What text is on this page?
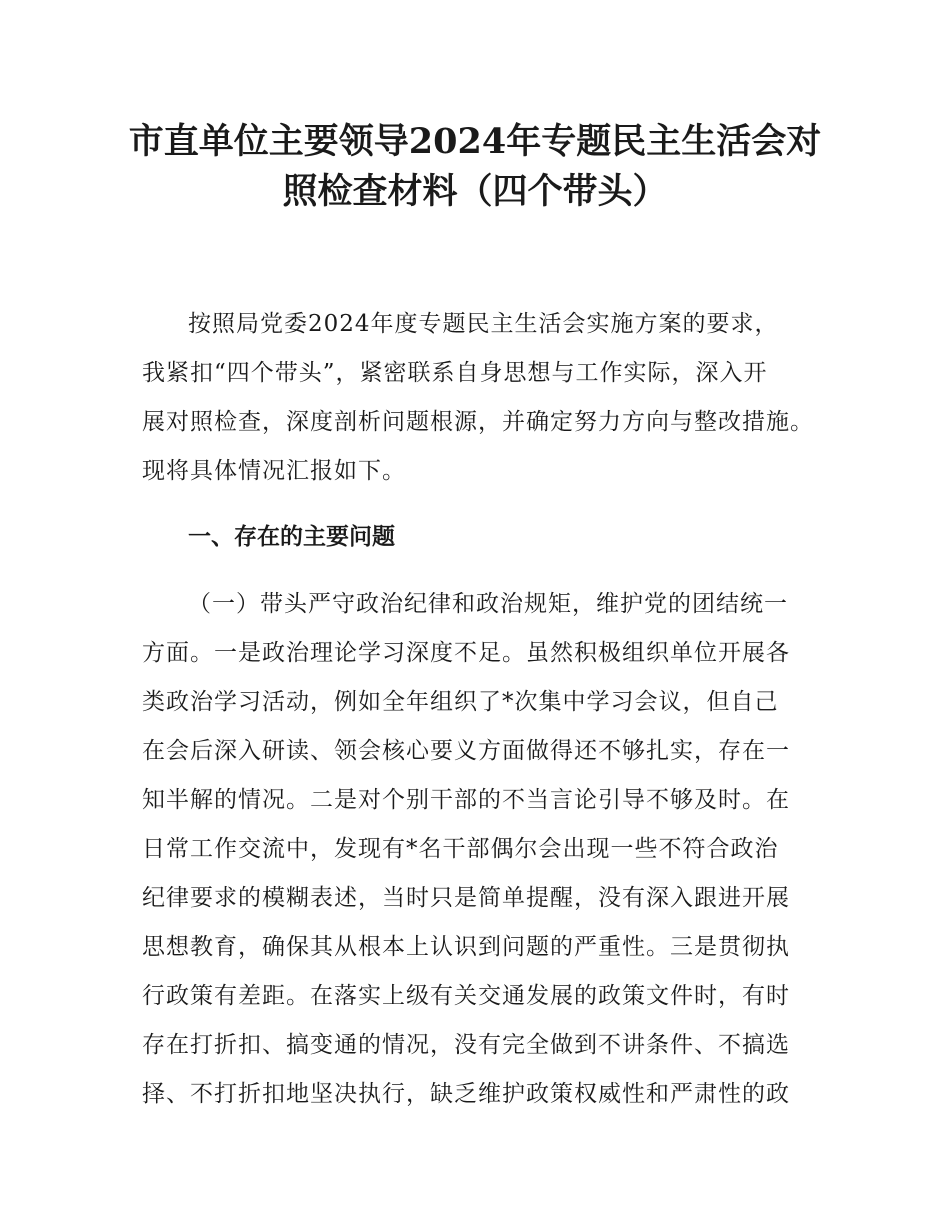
市直单位主要领导2024年专题民主生活会对
照检查材料（四个带头）
按照局党委2024年度专题民主生活会实施方案的要求，
我紧扣“四个带头”，紧密联系自身思想与工作实际，深入开
展对照检查，深度剖析问题根源，并确定努力方向与整改措施。
现将具体情况汇报如下。
一、存在的主要问题
（一）带头严守政治纪律和政治规矩，维护党的团结统一
方面。一是政治理论学习深度不足。虽然积极组织单位开展各
类政治学习活动，例如全年组织了*次集中学习会议，但自己
在会后深入研读、领会核心要义方面做得还不够扎实，存在一
知半解的情况。二是对个别干部的不当言论引导不够及时。在
日常工作交流中，发现有*名干部偶尔会出现一些不符合政治
纪律要求的模糊表述，当时只是简单提醒，没有深入跟进开展
思想教育，确保其从根本上认识到问题的严重性。三是贯彻执
行政策有差距。在落实上级有关交通发展的政策文件时，有时
存在打折扣、搞变通的情况，没有完全做到不讲条件、不搞选
择、不打折扣地坚决执行，缺乏维护政策权威性和严肃性的政
